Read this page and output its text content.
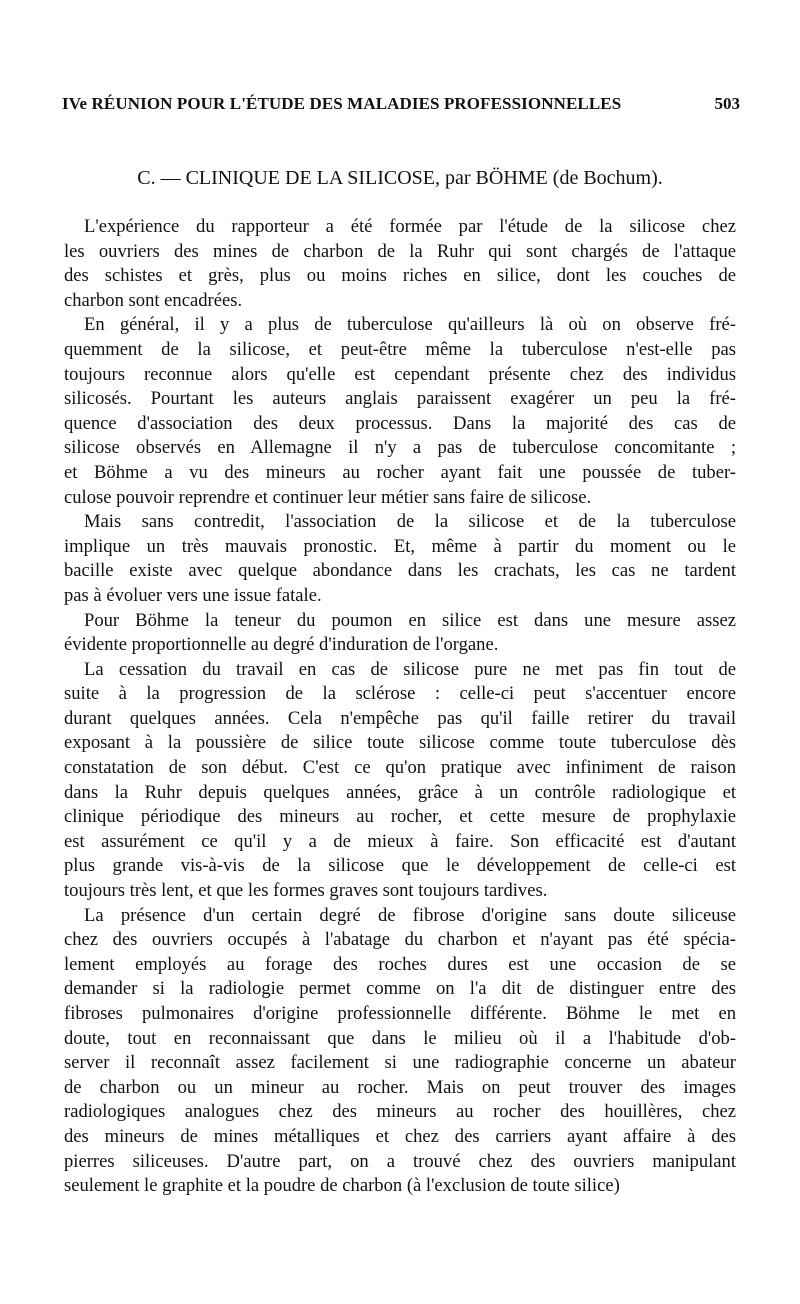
IVe RÉUNION POUR L'ÉTUDE DES MALADIES PROFESSIONNELLES	503
C. — CLINIQUE DE LA SILICOSE, par BÖHME (de Bochum).
L'expérience du rapporteur a été formée par l'étude de la silicose chez
les ouvriers des mines de charbon de la Ruhr qui sont chargés de l'attaque
des schistes et grès, plus ou moins riches en silice, dont les couches de
charbon sont encadrées.
En général, il y a plus de tuberculose qu'ailleurs là où on observe fré-
quemment de la silicose, et peut-être même la tuberculose n'est-elle pas
toujours reconnue alors qu'elle est cependant présente chez des individus
silicosés. Pourtant les auteurs anglais paraissent exagérer un peu la fré-
quence d'association des deux processus. Dans la majorité des cas de
silicose observés en Allemagne il n'y a pas de tuberculose concomitante ;
et Böhme a vu des mineurs au rocher ayant fait une poussée de tuber-
culose pouvoir reprendre et continuer leur métier sans faire de silicose.
Mais sans contredit, l'association de la silicose et de la tuberculose
implique un très mauvais pronostic. Et, même à partir du moment ou le
bacille existe avec quelque abondance dans les crachats, les cas ne tardent
pas à évoluer vers une issue fatale.
Pour Böhme la teneur du poumon en silice est dans une mesure assez
évidente proportionnelle au degré d'induration de l'organe.
La cessation du travail en cas de silicose pure ne met pas fin tout de
suite à la progression de la sclérose : celle-ci peut s'accentuer encore
durant quelques années. Cela n'empêche pas qu'il faille retirer du travail
exposant à la poussière de silice toute silicose comme toute tuberculose dès
constatation de son début. C'est ce qu'on pratique avec infiniment de raison
dans la Ruhr depuis quelques années, grâce à un contrôle radiologique et
clinique périodique des mineurs au rocher, et cette mesure de prophylaxie
est assurément ce qu'il y a de mieux à faire. Son efficacité est d'autant
plus grande vis-à-vis de la silicose que le développement de celle-ci est
toujours très lent, et que les formes graves sont toujours tardives.
La présence d'un certain degré de fibrose d'origine sans doute siliceuse
chez des ouvriers occupés à l'abatage du charbon et n'ayant pas été spécia-
lement employés au forage des roches dures est une occasion de se
demander si la radiologie permet comme on l'a dit de distinguer entre des
fibroses pulmonaires d'origine professionnelle différente. Böhme le met en
doute, tout en reconnaissant que dans le milieu où il a l'habitude d'ob-
server il reconnaît assez facilement si une radiographie concerne un abateur
de charbon ou un mineur au rocher. Mais on peut trouver des images
radiologiques analogues chez des mineurs au rocher des houillères, chez
des mineurs de mines métalliques et chez des carriers ayant affaire à des
pierres siliceuses. D'autre part, on a trouvé chez des ouvriers manipulant
seulement le graphite et la poudre de charbon (à l'exclusion de toute silice)
